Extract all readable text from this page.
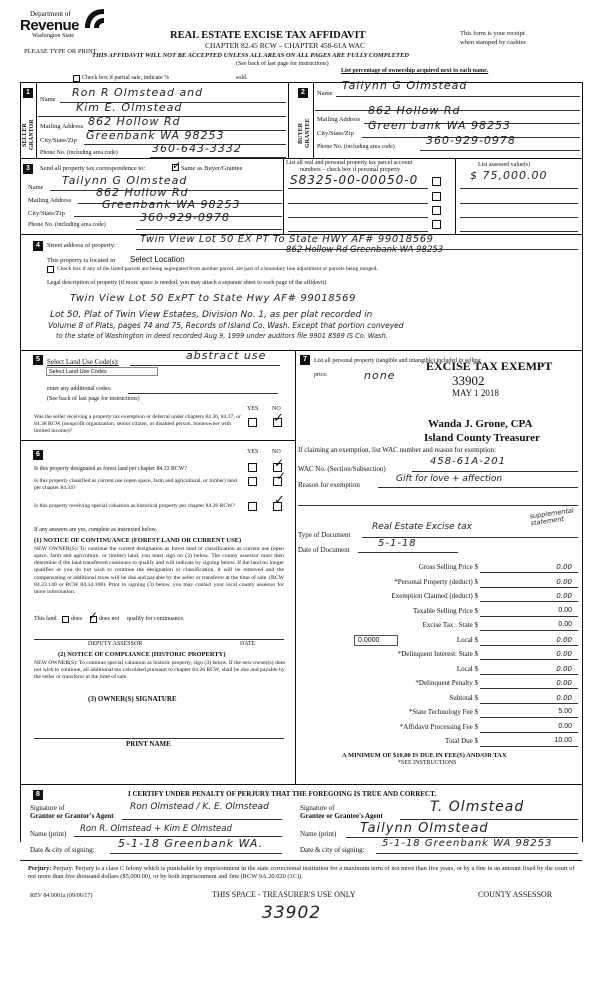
Department of
Revenue
Washington State
PLEASE TYPE OR PRINT
REAL ESTATE EXCISE TAX AFFIDAVIT
CHAPTER 82.45 RCW – CHAPTER 458-61A WAC
THIS AFFIDAVIT WILL NOT BE ACCEPTED UNLESS ALL AREAS ON ALL PAGES ARE FULLY COMPLETED
(See back of last page for instructions)
This form is your receipt
when stamped by cashier.
Check box if partial sale, indicate %	sold.
List percentage of ownership acquired next to each name.
1
SELLER GRANTOR
Name
Ron R Olmstead and
Kim E. Olmstead
Mailing Address 862 Hollow Rd
City/State/Zip Greenbank WA 98253
Phone No. (including area code)	360-643-3332
2
BUYER GRANTEE
Name
Tailynn G Olmstead
Mailing Address
862 Hollow Rd
City/State/Zip
Green bank WA 98253
Phone No. (including area code)	360-929-0978
3	Send all property tax correspondence to: ✓ Same as Buyer/Grantee
Name
Tailynn G Olmstead
Mailing Address
862 Hollow Rd
City/State/Zip
Greenbank WA 98253
Phone No. (including area code)
360-929-0978
List all real and personal property tax parcel account
numbers – check box if personal property
S8325-00-00050-0
List assessed value(s)
$ 75,000.00
4	Street address of property:
Twin View Lot 50 EX PT To State HWY AF# 99018569
862 Hollow Rd Greenbank WA 98253
This property is located in Select Location
Check box if any of the listed parcels are being segregated from another parcel, are part of a boundary line adjustment or parcels being merged.
Legal description of property (if more space is needed, you may attach a separate sheet to each page of the affidavit)
Twin View Lot 50 ExPT to State Hwy AF# 99018569
Lot 50, Plat of Twin View Estates, Division No. 1, as per plat recorded in
Volume 8 of Plats, pages 74 and 75, Records of Island Co. Wash. Except that portion conveyed
to the state of Washington in deed recorded Aug 9, 1999 under auditors file 9901 8569 IS Co. Wash.
5	Select Land Use Code(s):	abstract use
Select Land Use Codes
enter any additional codes:
(See back of last page for instructions)
YES NO
Was the seller receiving a property tax exemption or deferral under chapters 84.36, 84.37, or 84.38 RCW (nonprofit organization, senior citizen, or disabled person, homeowner with limited income)?
✓
6	YES NO
Is this property designated as forest land per chapter 84.33 RCW?	✓
Is this property classified as current use (open space, farm and agricultural, or timber) land per chapter 84.34?
✓
Is this property receiving special valuation as historical property per chapter 84.26 RCW?	✓
If any answers are yes, complete as instructed below.
(1) NOTICE OF CONTINUANCE (FOREST LAND OR CURRENT USE)
NEW OWNER(S): To continue the current designation as forest land or classification as current use (open space, farm and agriculture, or timber) land, you must sign on (3) below. The county assessor must then determine if the land transferred continues to qualify and will indicate by signing below. If the land no longer qualifies or you do not wish to continue the designation or classification, it will be removed and the compensating or additional taxes will be due and payable by the seller or transferor at the time of sale. (RCW 84.33.140 or RCW 84.34.108). Prior to signing (3) below, you may contact your local county assessor for more information.
This land does ✓ does not qualify for continuance.
DEPUTY ASSESSOR	DATE
(2) NOTICE OF COMPLIANCE (HISTORIC PROPERTY)
NEW OWNER(S): To continue special valuation as historic property, sign (3) below. If the new owner(s) does not wish to continue, all additional tax calculated pursuant to chapter 84.26 RCW, shall be due and payable by the seller or transferor at the time of sale.
(3) OWNER(S) SIGNATURE
PRINT NAME
7	List all personal property (tangible and intangible) included in selling
price.	none
EXCISE TAX EXEMPT
33902
MAY 1 2018
Wanda J. Grone, CPA
Island County Treasurer
If claiming an exemption, list WAC number and reason for exemption:
WAC No. (Section/Subsection)
458-61A-201
Reason for exemption
Gift for love + affection
Type of Document
Real Estate Excise tax
supplemental statement
Date of Document
5-1-18
Gross Selling Price $	0.00
*Personal Property (deduct) $	0.00
Exemption Claimed (deduct) $	0.00
Taxable Selling Price $	0.00
Excise Tax : State $	0.00
Local $	0.00
*Delinquent Interest: State $	0.00
Local $	0.00
*Delinquent Penalty $	0.00
Subtotal $	0.00
*State Technology Fee $	5.00
*Affidavit Processing Fee $	0.00
Total Due $	10.00
0.0000
A MINIMUM OF $10.00 IS DUE IN FEE(S) AND/OR TAX
*SEE INSTRUCTIONS
8	I CERTIFY UNDER PENALTY OF PERJURY THAT THE FOREGOING IS TRUE AND CORRECT.
Signature of
Grantor or Grantor's Agent
Ron Olmstead / K. E. Olmstead	Signature of
Grantee or Grantee's Agent
T. Olmstead
Name (print) Ron R. Olmstead + Kim E Olmstead	Name (print) Tailynn Olmstead
Date & city of signing: 5-1-18 Greenbank WA.	Date & city of signing:
5-1-18 Greenbank WA 98253
Perjury: Perjury: Perjury is a class C felony which is punishable by imprisonment in the state correctional institution for a maximum term of not more than five years, or by a fine in an amount fixed by the court of not more than five thousand dollars ($5,000.00), or by both imprisonment and fine (RCW 9A.20.020 (1C)).
REV 84 0001a (09/06/17)	THIS SPACE - TREASURER'S USE ONLY	COUNTY ASSESSOR
33902
